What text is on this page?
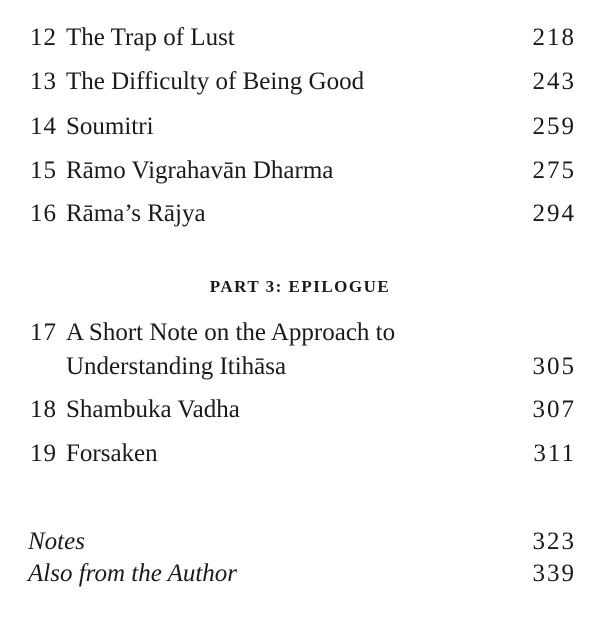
12 The Trap of Lust	218
13 The Difficulty of Being Good	243
14 Soumitri	259
15 Rāmo Vigrahavān Dharma	275
16 Rāma’s Rājya	294
PART 3: EPILOGUE
17 A Short Note on the Approach to
Understanding Itihāsa	305
18 Shambuka Vadha	307
19 Forsaken	311
Notes	323
Also from the Author	339
